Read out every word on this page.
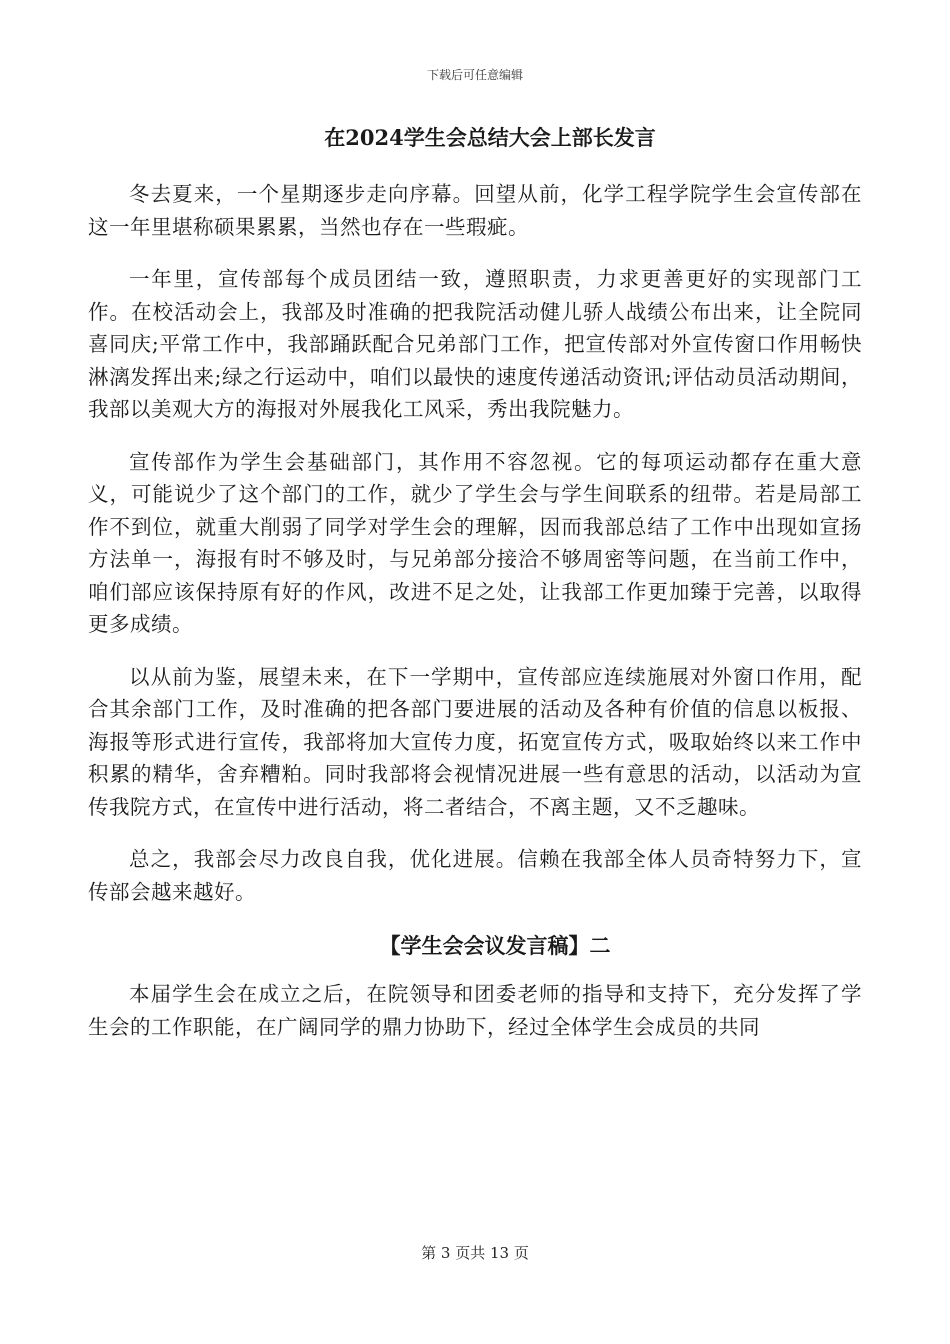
下载后可任意编辑
在2024学生会总结大会上部长发言

冬去夏来，一个星期逐步走向序幕。回望从前，化学工程学院学生会宣传部在这一年里堪称硕果累累，当然也存在一些瑕疵。

一年里，宣传部每个成员团结一致，遵照职责，力求更善更好的实现部门工作。在校活动会上，我部及时准确的把我院活动健儿骄人战绩公布出来，让全院同喜同庆;平常工作中，我部踊跃配合兄弟部门工作，把宣传部对外宣传窗口作用畅快淋漓发挥出来;绿之行运动中，咱们以最快的速度传递活动资讯;评估动员活动期间，我部以美观大方的海报对外展我化工风采，秀出我院魅力。

宣传部作为学生会基础部门，其作用不容忽视。它的每项运动都存在重大意义，可能说少了这个部门的工作，就少了学生会与学生间联系的纽带。若是局部工作不到位，就重大削弱了同学对学生会的理解，因而我部总结了工作中出现如宣扬方法单一，海报有时不够及时，与兄弟部分接洽不够周密等问题，在当前工作中，咱们部应该保持原有好的作风，改进不足之处，让我部工作更加臻于完善，以取得更多成绩。

以从前为鉴，展望未来，在下一学期中，宣传部应连续施展对外窗口作用，配合其余部门工作，及时准确的把各部门要进展的活动及各种有价值的信息以板报、海报等形式进行宣传，我部将加大宣传力度，拓宽宣传方式，吸取始终以来工作中积累的精华，舍弃糟粕。同时我部将会视情况进展一些有意思的活动，以活动为宣传我院方式，在宣传中进行活动，将二者结合，不离主题，又不乏趣味。

总之，我部会尽力改良自我，优化进展。信赖在我部全体人员奇特努力下，宣传部会越来越好。

【学生会会议发言稿】二

本届学生会在成立之后，在院领导和团委老师的指导和支持下，充分发挥了学生会的工作职能，在广阔同学的鼎力协助下，经过全体学生会成员的共同

第 3 页共 13 页
